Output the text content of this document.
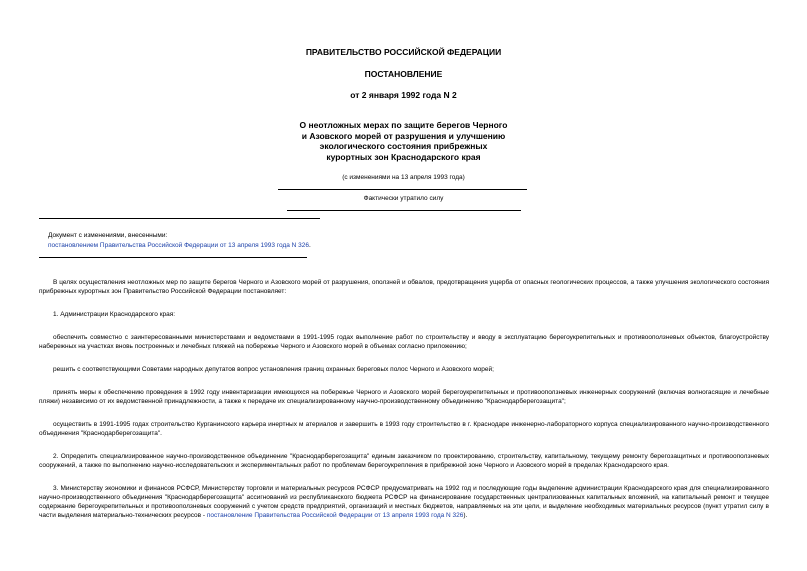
ПРАВИТЕЛЬСТВО РОССИЙСКОЙ ФЕДЕРАЦИИ
ПОСТАНОВЛЕНИЕ
от 2 января 1992 года N 2
О неотложных мерах по защите берегов Черного
и Азовского морей от разрушения и улучшению
экологического состояния прибрежных
курортных зон Краснодарского края
(с изменениями на 13 апреля 1993 года)
Фактически утратило силу
Документ с изменениями, внесенными:
постановлением Правительства Российской Федерации от 13 апреля 1993 года N 326.

В целях осуществления неотложных мер по защите берегов Черного и Азовского морей от разрушения, оползней и обвалов, предотвращения ущерба от опасных геологических процессов, а также улучшения экологического состояния прибрежных курортных зон Правительство Российской Федерации постановляет:

1. Администрации Краснодарского края:

обеспечить совместно с заинтересованными министерствами и ведомствами в 1991-1995 годах выполнение работ по строительству и вводу в эксплуатацию берегоукрепительных и противооползневых объектов, благоустройству набережных на участках вновь построенных и лечебных пляжей на побережье Черного и Азовского морей в объемах согласно приложению;

решить с соответствующими Советами народных депутатов вопрос установления границ охранных береговых полос Черного и Азовского морей;

принять меры к обеспечению проведения в 1992 году инвентаризации имеющихся на побережье Черного и Азовского морей берегоукрепительных и противооползневых инженерных сооружений (включая волногасящие и лечебные пляжи) независимо от их ведомственной принадлежности, а также к передаче их специализированному научно-производственному объединению "Краснодарберегозащита";

осуществить в 1991-1995 годах строительство Курганинского карьера инертных м атериалов и завершить в 1993 году строительство в г. Краснодаре инженерно-лабораторного корпуса специализированного научно-производственного объединения "Краснодарберегозащита".

2. Определить специализированное научно-производственное объединение "Краснодарберегозащита" единым заказчиком по проектированию, строительству, капитальному, текущему ремонту берегозащитных и противооползневых сооружений, а также по выполнению научно-исследовательских и экспериментальных работ по проблемам берегоукрепления в прибрежной зоне Черного и Азовского морей в пределах Краснодарского края.

3. Министерству экономики и финансов РСФСР, Министерству торговли и материальных ресурсов РСФСР предусматривать на 1992 год и последующие годы выделение администрации Краснодарского края для специализированного научно-производственного объединения "Краснодарберегозащита" ассигнований из республиканского бюджета РСФСР на финансирование государственных централизованных капитальных вложений, на капитальный ремонт и текущее содержание берегоукрепительных и противооползневых сооружений с учетом средств предприятий, организаций и местных бюджетов, направляемых на эти цели, и выделение необходимых материальных ресурсов (пункт утратил силу в части выделения материально-технических ресурсов - постановление Правительства Российской Федерации от 13 апреля 1993 года N 326).
